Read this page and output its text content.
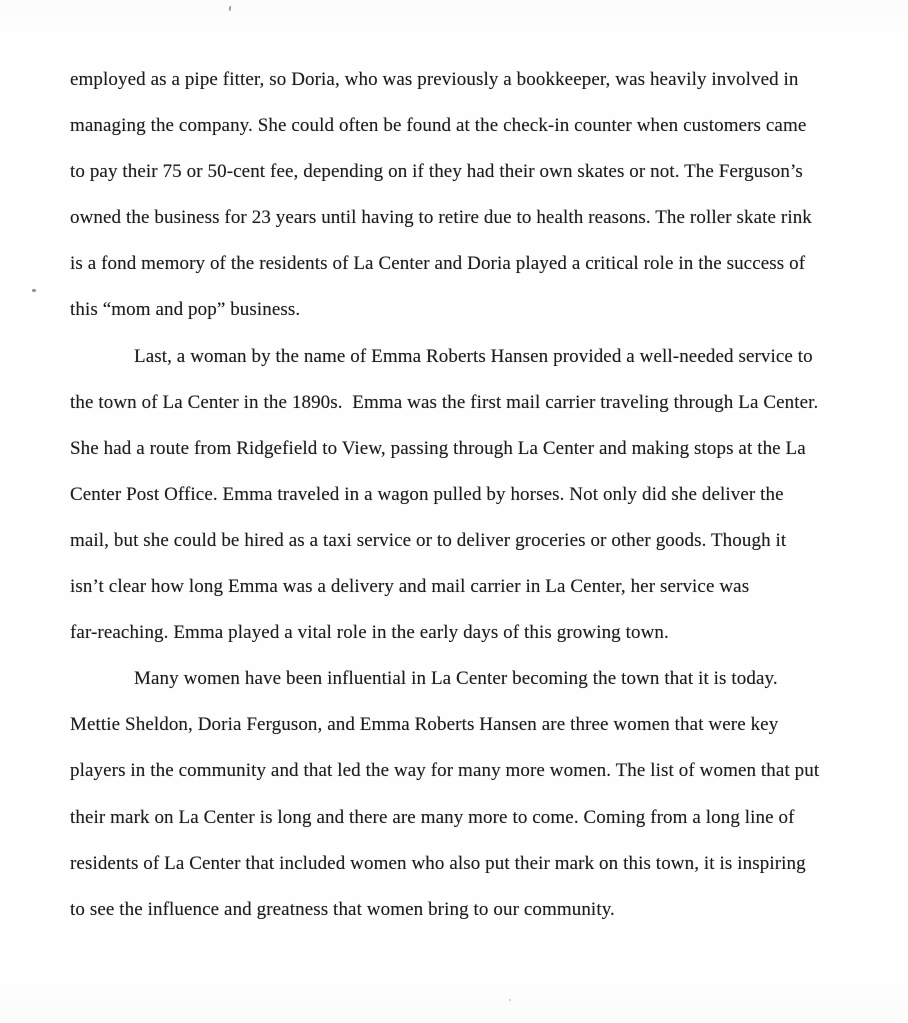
employed as a pipe fitter, so Doria, who was previously a bookkeeper, was heavily involved in
managing the company. She could often be found at the check-in counter when customers came
to pay their 75 or 50-cent fee, depending on if they had their own skates or not. The Ferguson’s
owned the business for 23 years until having to retire due to health reasons. The roller skate rink
is a fond memory of the residents of La Center and Doria played a critical role in the success of
this “mom and pop” business.
Last, a woman by the name of Emma Roberts Hansen provided a well-needed service to
the town of La Center in the 1890s.  Emma was the first mail carrier traveling through La Center.
She had a route from Ridgefield to View, passing through La Center and making stops at the La
Center Post Office. Emma traveled in a wagon pulled by horses. Not only did she deliver the
mail, but she could be hired as a taxi service or to deliver groceries or other goods. Though it
isn’t clear how long Emma was a delivery and mail carrier in La Center, her service was
far-reaching. Emma played a vital role in the early days of this growing town.
Many women have been influential in La Center becoming the town that it is today.
Mettie Sheldon, Doria Ferguson, and Emma Roberts Hansen are three women that were key
players in the community and that led the way for many more women. The list of women that put
their mark on La Center is long and there are many more to come. Coming from a long line of
residents of La Center that included women who also put their mark on this town, it is inspiring
to see the influence and greatness that women bring to our community.
